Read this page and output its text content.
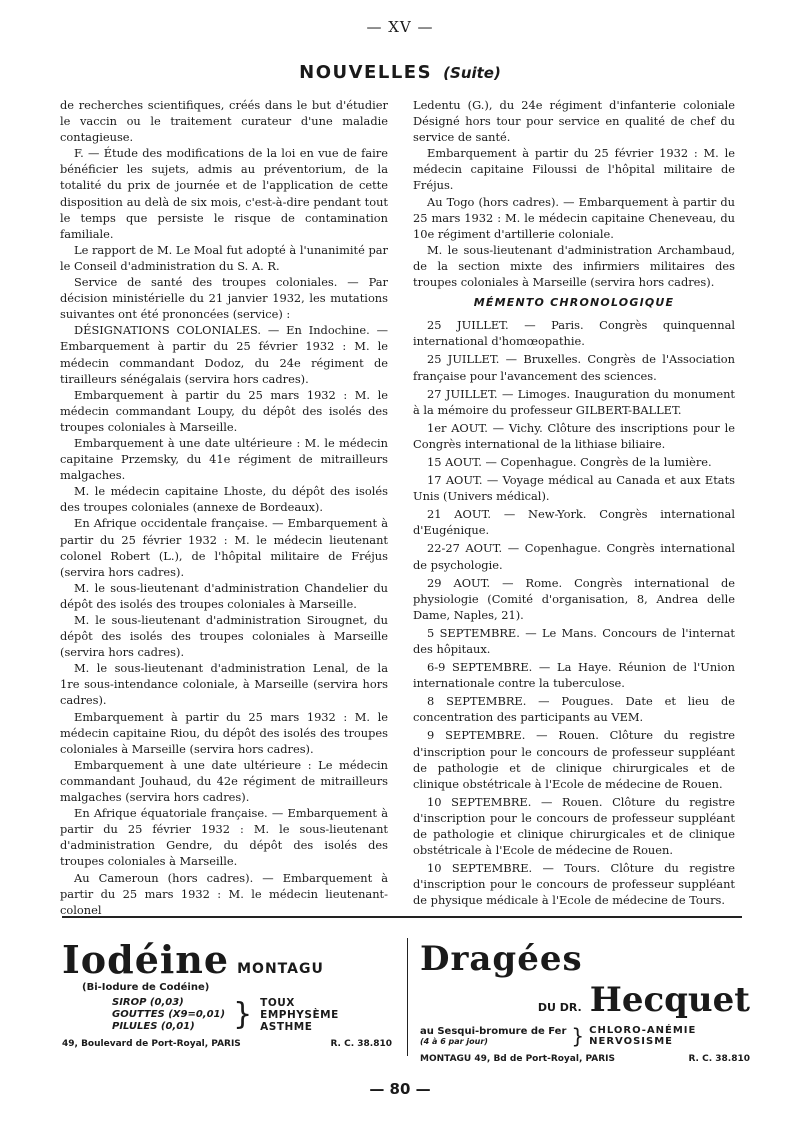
— XV —
NOUVELLES (Suite)

de recherches scientifiques, créés dans le but d'étudier le vaccin ou le traitement curateur d'une maladie contagieuse.

F. — Étude des modifications de la loi en vue de faire bénéficier les sujets, admis au préventorium, de la totalité du prix de journée et de l'application de cette disposition au delà de six mois, c'est-à-dire pendant tout le temps que persiste le risque de contamination familiale.

Le rapport de M. Le Moal fut adopté à l'unanimité par le Conseil d'administration du S. A. R.

Service de santé des troupes coloniales. — Par décision ministérielle du 21 janvier 1932, les mutations suivantes ont été prononcées (service) :

DÉSIGNATIONS COLONIALES. — En Indochine. — Embarquement à partir du 25 février 1932 : M. le médecin commandant Dodoz, du 24e régiment de tirailleurs sénégalais (servira hors cadres).

Embarquement à partir du 25 mars 1932 : M. le médecin commandant Loupy, du dépôt des isolés des troupes coloniales à Marseille.

Embarquement à une date ultérieure : M. le médecin capitaine Przemsky, du 41e régiment de mitrailleurs malgaches.

M. le médecin capitaine Lhoste, du dépôt des isolés des troupes coloniales (annexe de Bordeaux).

En Afrique occidentale française. — Embarquement à partir du 25 février 1932 : M. le médecin lieutenant colonel Robert (L.), de l'hôpital militaire de Fréjus (servira hors cadres).

M. le sous-lieutenant d'administration Chandelier du dépôt des isolés des troupes coloniales à Marseille.

M. le sous-lieutenant d'administration Sirougnet, du dépôt des isolés des troupes coloniales à Marseille (servira hors cadres).

M. le sous-lieutenant d'administration Lenal, de la 1re sous-intendance coloniale, à Marseille (servira hors cadres).

Embarquement à partir du 25 mars 1932 : M. le médecin capitaine Riou, du dépôt des isolés des troupes coloniales à Marseille (servira hors cadres).

Embarquement à une date ultérieure : Le médecin commandant Jouhaud, du 42e régiment de mitrailleurs malgaches (servira hors cadres).

En Afrique équatoriale française. — Embarquement à partir du 25 février 1932 : M. le sous-lieutenant d'administration Gendre, du dépôt des isolés des troupes coloniales à Marseille.

Au Cameroun (hors cadres). — Embarquement à partir du 25 mars 1932 : M. le médecin lieutenant-colonel

Ledentu (G.), du 24e régiment d'infanterie coloniale Désigné hors tour pour service en qualité de chef du service de santé.

Embarquement à partir du 25 février 1932 : M. le médecin capitaine Filoussi de l'hôpital militaire de Fréjus.

Au Togo (hors cadres). — Embarquement à partir du 25 mars 1932 : M. le médecin capitaine Cheneveau, du 10e régiment d'artillerie coloniale.

M. le sous-lieutenant d'administration Archambaud, de la section mixte des infirmiers militaires des troupes coloniales à Marseille (servira hors cadres).

MÉMENTO CHRONOLOGIQUE

25 JUILLET. — Paris. Congrès quinquennal international d'homœopathie.

25 JUILLET. — Bruxelles. Congrès de l'Association française pour l'avancement des sciences.

27 JUILLET. — Limoges. Inauguration du monument à la mémoire du professeur GILBERT-BALLET.

1er AOUT. — Vichy. Clôture des inscriptions pour le Congrès international de la lithiase biliaire.

15 AOUT. — Copenhague. Congrès de la lumière.

17 AOUT. — Voyage médical au Canada et aux Etats Unis (Univers médical).

21 AOUT. — New-York. Congrès international d'Eugénique.

22-27 AOUT. — Copenhague. Congrès international de psychologie.

29 AOUT. — Rome. Congrès international de physiologie (Comité d'organisation, 8, Andrea delle Dame, Naples, 21).

5 SEPTEMBRE. — Le Mans. Concours de l'internat des hôpitaux.

6-9 SEPTEMBRE. — La Haye. Réunion de l'Union internationale contre la tuberculose.

8 SEPTEMBRE. — Pougues. Date et lieu de concentration des participants au VEM.

9 SEPTEMBRE. — Rouen. Clôture du registre d'inscription pour le concours de professeur suppléant de pathologie et de clinique chirurgicales et de clinique obstétricale à l'Ecole de médecine de Rouen.

10 SEPTEMBRE. — Rouen. Clôture du registre d'inscription pour le concours de professeur suppléant de pathologie et clinique chirurgicales et de clinique obstétricale à l'Ecole de médecine de Rouen.

10 SEPTEMBRE. — Tours. Clôture du registre d'inscription pour le concours de professeur suppléant de physique médicale à l'Ecole de médecine de Tours.

Iodéine MONTAGU
(Bi-Iodure de Codéine)
SIROP (0,03)
GOUTTES (X9=0,01)
PILULES (0,01)	} TOUX
EMPHYSÈME
ASTHME
49, Boulevard de Port-Royal, PARIS	R. C. 38.810
Dragées
DU DR. Hecquet
au Sesqui-bromure de Fer
(4 à 6 par jour)	} CHLORO-ANÉMIE
NERVOSISME
MONTAGU 49, Bd de Port-Royal, PARIS	R. C. 38.810
— 80 —
